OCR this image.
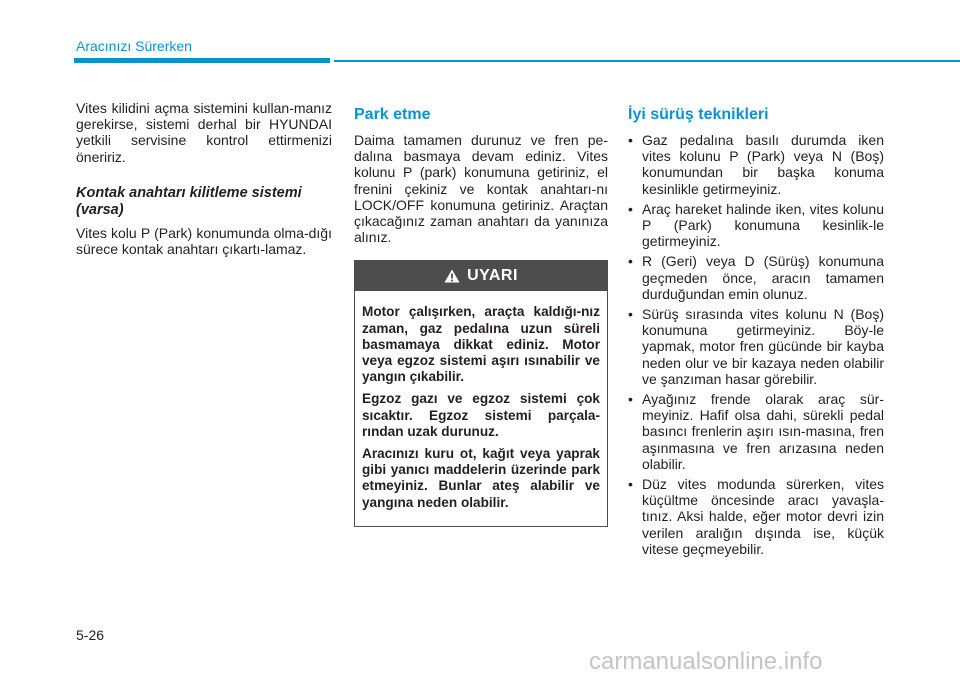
Aracınızı Sürerken

Vites kilidini açma sistemini kullan-manız gerekirse, sistemi derhal bir HYUNDAI yetkili servisine kontrol ettirmenizi öneririz.

Kontak anahtarı kilitleme sistemi (varsa)

Vites kolu P (Park) konumunda olma-dığı sürece kontak anahtarı çıkartı-lamaz.

Park etme

Daima tamamen durunuz ve fren pe-dalına basmaya devam ediniz. Vites kolunu P (park) konumuna getiriniz, el frenini çekiniz ve kontak anahtarı-nı LOCK/OFF konumuna getiriniz. Araçtan çıkacağınız zaman anahtarı da yanınıza alınız.

UYARI

Motor çalışırken, araçta kaldığı-nız zaman, gaz pedalına uzun süreli basmamaya dikkat ediniz. Motor veya egzoz sistemi aşırı ısınabilir ve yangın çıkabilir.

Egzoz gazı ve egzoz sistemi çok sıcaktır. Egzoz sistemi parçala-rından uzak durunuz.

Aracınızı kuru ot, kağıt veya yaprak gibi yanıcı maddelerin üzerinde park etmeyiniz. Bunlar ateş alabilir ve yangına neden olabilir.

İyi sürüş teknikleri
• Gaz pedalına basılı durumda iken vites kolunu P (Park) veya N (Boş) konumundan bir başka konuma kesinlikle getirmeyiniz.
• Araç hareket halinde iken, vites kolunu P (Park) konumuna kesinlik-le getirmeyiniz.
• R (Geri) veya D (Sürüş) konumuna geçmeden önce, aracın tamamen durduğundan emin olunuz.
• Sürüş sırasında vites kolunu N (Boş) konumuna getirmeyiniz. Böy-le yapmak, motor fren gücünde bir kayba neden olur ve bir kazaya neden olabilir ve şanzıman hasar görebilir.
• Ayağınız frende olarak araç sür-meyiniz. Hafif olsa dahi, sürekli pedal basıncı frenlerin aşırı ısın-masına, fren aşınmasına ve fren arızasına neden olabilir.
• Düz vites modunda sürerken, vites küçültme öncesinde aracı yavaşla-tınız. Aksi halde, eğer motor devri izin verilen aralığın dışında ise, küçük vitese geçmeyebilir.
5-26
carmanualsonline.info
